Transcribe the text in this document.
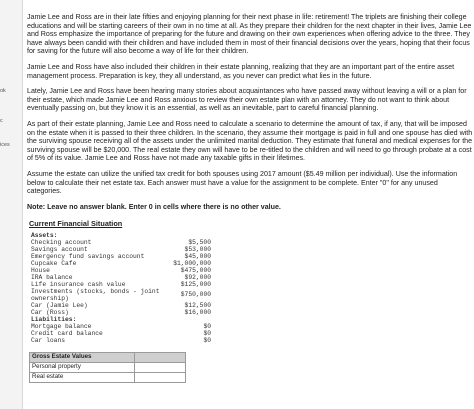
ok
c
ices

Jamie Lee and Ross are in their late fifties and enjoying planning for their next phase in life: retirement! The triplets are finishing their college educations and will be starting careers of their own in no time at all. As they prepare their children for the next chapter in their lives, Jamie Lee and Ross emphasize the importance of preparing for the future and drawing on their own experiences when offering advice to the three. They have always been candid with their children and have included them in most of their financial decisions over the years, hoping that their focus for saving for the future will also become a way of life for their children.

Jamie Lee and Ross have also included their children in their estate planning, realizing that they are an important part of the entire asset management process. Preparation is key, they all understand, as you never can predict what lies in the future.

Lately, Jamie Lee and Ross have been hearing many stories about acquaintances who have passed away without leaving a will or a plan for their estate, which made Jamie Lee and Ross anxious to review their own estate plan with an attorney. They do not want to think about eventually passing on, but they know it is an essential, as well as an inevitable, part to careful financial planning.

As part of their estate planning, Jamie Lee and Ross need to calculate a scenario to determine the amount of tax, if any, that will be imposed on the estate when it is passed to their three children. In the scenario, they assume their mortgage is paid in full and one spouse has died with the surviving spouse receiving all of the assets under the unlimited marital deduction. They estimate that funeral and medical expenses for the surviving spouse will be $20,000. The real estate they own will have to be re-titled to the children and will need to go through probate at a cost of 5% of its value. Jamie Lee and Ross have not made any taxable gifts in their lifetimes.

Assume the estate can utilize the unified tax credit for both spouses using 2017 amount ($5.49 million per individual). Use the information below to calculate their net estate tax. Each answer must have a value for the assignment to be complete. Enter "0" for any unused categories.

Note: Leave no answer blank. Enter 0 in cells where there is no other value.

Current Financial Situation
Assets:
Checking account	$5,500
Savings account	$53,000
Emergency fund savings account	$45,000
Cupcake Cafe	$1,000,000
House	$475,000
IRA balance	$92,000
Life insurance cash value	$125,000
Investments (stocks, bonds - joint ownership)	$750,000
Car (Jamie Lee)	$12,500
Car (Ross)	$16,000
Liabilities:
Mortgage balance	$0
Credit card balance	$0
Car loans	$0
Gross Estate Values	
Personal property	
Real estate	
